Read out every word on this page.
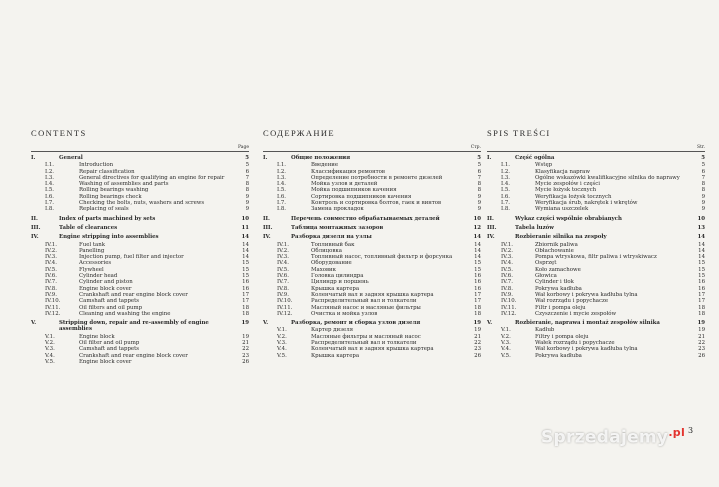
CONTENTS
Page
I.	General	5
I.1.	Introduction	5
I.2.	Repair classification	6
I.3.	General directives for qualifying an engine for repair	7
I.4.	Washing of assemblies and parts	8
I.5.	Rolling bearings washing	8
I.6.	Rolling bearings check	9
I.7.	Checking the bolts, nuts, washers and screws	9
I.8.	Replacing of seals	9
II.	Index of parts machined by sets	10
III.	Table of clearances	11
IV.	Engine stripping into assemblies	14
IV.1.	Fuel tank	14
IV.2.	Panelling	14
IV.3.	Injection pump, fuel filter and injector	14
IV.4.	Accessories	15
IV.5.	Flywheel	15
IV.6.	Cylinder head	15
IV.7.	Cylinder and piston	16
IV.8.	Engine block cover	16
IV.9.	Crankshaft and rear engine block cover	17
IV.10.	Camshaft and tappets	17
IV.11.	Oil filters and oil pump	18
IV.12.	Cleaning and washing the engine	18
V.	Stripping down, repair and re-assembly of engine assemblies
19
V.1.	Engine block	19
V.2.	Oil filter and oil pump	21
V.3.	Camshaft and tappets	22
V.4.	Crankshaft and rear engine block cover	23
V.5.	Engine block cover	26
СОДЕРЖАНИЕ
Стр.
I.	Общие положения	5
I.1.	Введение	5
I.2.	Классификация ремонтов	6
I.3.	Определение потребности в ремонте дизелей	7
I.4.	Мойка узлов и деталей	8
I.5.	Мойка подшипников качения	8
I.6.	Сортировка подшипников качения	9
I.7.	Контроль и сортировка болтов, гаек и винтов	9
I.8.	Замена прокладок	9
II.	Перечень совместно обрабатываемых деталей	10
III.	Таблица монтажных зазоров	12
IV.	Разборка дизеля на узлы	14
IV.1.	Топливный бак	14
IV.2.	Облицовка	14
IV.3.	Топливный насос, топливный фильтр и форсунка	14
IV.4.	Оборудование	15
IV.5.	Маховик	15
IV.6.	Головка цилиндра	16
IV.7.	Цилиндр и поршень	16
IV.8.	Крышка картера	16
IV.9.	Коленчатый вал и задняя крышка картера	17
IV.10.	Распределительный вал и толкатели	17
IV.11.	Масляный насос и масляные фильтры	18
IV.12.	Очистка и мойка узлов	18
V.	Разборка, ремонт и сборка узлов дизеля	19
V.1.	Картер дизеля	19
V.2.	Масляные фильтры и масляный насос	21
V.3.	Распределительный вал и толкатели	22
V.4.	Коленчатый вал и задняя крышка картера	23
V.5.	Крышка картера	26
SPIS TREŚCI
Str.
I.	Część ogólna	5
I.1.	Wstęp	5
I.2.	Klasyfikacja napraw	6
I.3.	Ogólne wskazówki kwalifikacyjne silnika do naprawy	7
I.4.	Mycie zespołów i części	8
I.5.	Mycie łożysk tocznych	8
I.6.	Weryfikacja łożysk tocznych	9
I.7.	Weryfikacja śrub, nakrętek i wkrętów	9
I.8.	Wymiana uszczelek	9
II.	Wykaz części wspólnie obrabianych	10
III.	Tabela luzów	13
IV.	Rozbieranie silnika na zespoły	14
IV.1.	Zbiornik paliwa	14
IV.2.	Obłachowanie	14
IV.3.	Pompa wtryskowa, filtr paliwa i wtryskiwacz	14
IV.4.	Osprzęt	15
IV.5.	Koło zamachowe	15
IV.6.	Głowica	15
IV.7.	Cylinder i tłok	16
IV.8.	Pokrywa kadłuba	16
IV.9.	Wał korbowy i pokrywa kadłuba tylna	17
IV.10.	Wał rozrządu i popychacze	17
IV.11.	Filtr i pompa oleju	18
IV.12.	Czyszczenie i mycie zespołów	18
V.	Rozbieranie, naprawa i montaż zespołów silnika	19
V.1.	Kadłub	19
V.2.	Filtry i pompa oleju	21
V.3.	Wałek rozrządu i popychacze	22
V.4.	Wał korbowy i pokrywa kadłuba tylna	23
V.5.	Pokrywa kadłuba	26
Sprzedajemy$^{.pl}$ 3
